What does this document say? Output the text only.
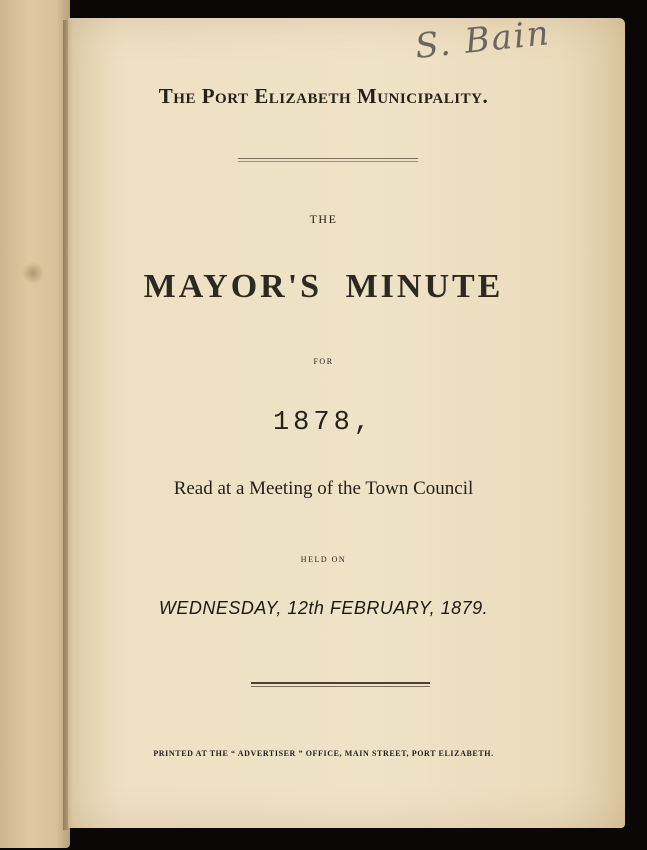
S. Bain
The Port Elizabeth Municipality.
THE
MAYOR'S MINUTE
FOR
1878,
Read at a Meeting of the Town Council
HELD ON
WEDNESDAY, 12th FEBRUARY, 1879.
PRINTED AT THE “ ADVERTISER ” OFFICE, MAIN STREET, PORT ELIZABETH.
